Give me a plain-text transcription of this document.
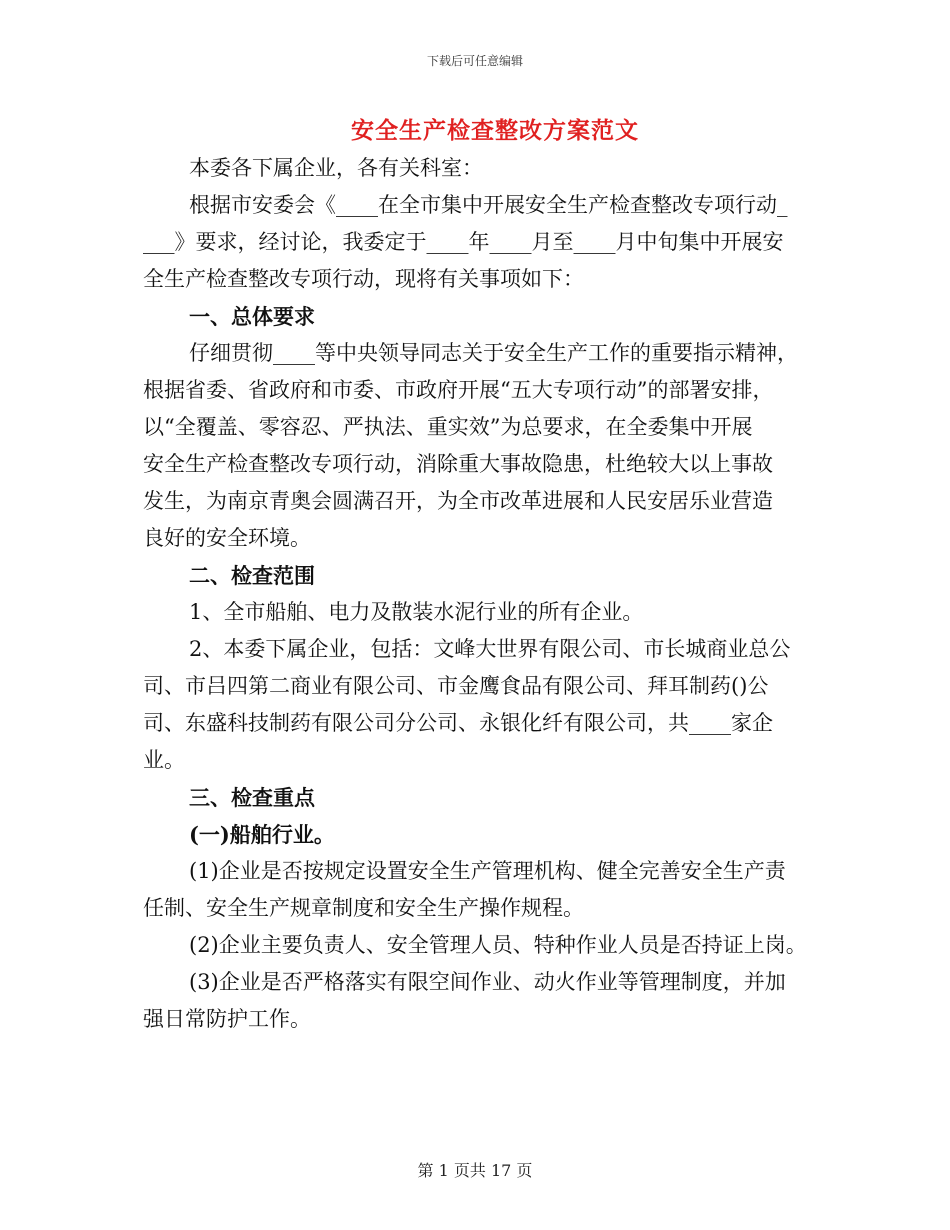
下载后可任意编辑
安全生产检查整改方案范文
本委各下属企业，各有关科室：
根据市安委会《____在全市集中开展安全生产检查整改专项行动_
___》要求，经讨论，我委定于____年____月至____月中旬集中开展安
全生产检查整改专项行动，现将有关事项如下：
一、总体要求
仔细贯彻____等中央领导同志关于安全生产工作的重要指示精神，
根据省委、省政府和市委、市政府开展“五大专项行动”的部署安排，
以“全覆盖、零容忍、严执法、重实效”为总要求，在全委集中开展
安全生产检查整改专项行动，消除重大事故隐患，杜绝较大以上事故
发生，为南京青奥会圆满召开，为全市改革进展和人民安居乐业营造
良好的安全环境。
二、检查范围
1、全市船舶、电力及散装水泥行业的所有企业。
2、本委下属企业，包括：文峰大世界有限公司、市长城商业总公
司、市吕四第二商业有限公司、市金鹰食品有限公司、拜耳制药()公
司、东盛科技制药有限公司分公司、永银化纤有限公司，共____家企
业。
三、检查重点
(一)船舶行业。
(1)企业是否按规定设置安全生产管理机构、健全完善安全生产责
任制、安全生产规章制度和安全生产操作规程。
(2)企业主要负责人、安全管理人员、特种作业人员是否持证上岗。
(3)企业是否严格落实有限空间作业、动火作业等管理制度，并加
强日常防护工作。
第 1 页共 17 页
